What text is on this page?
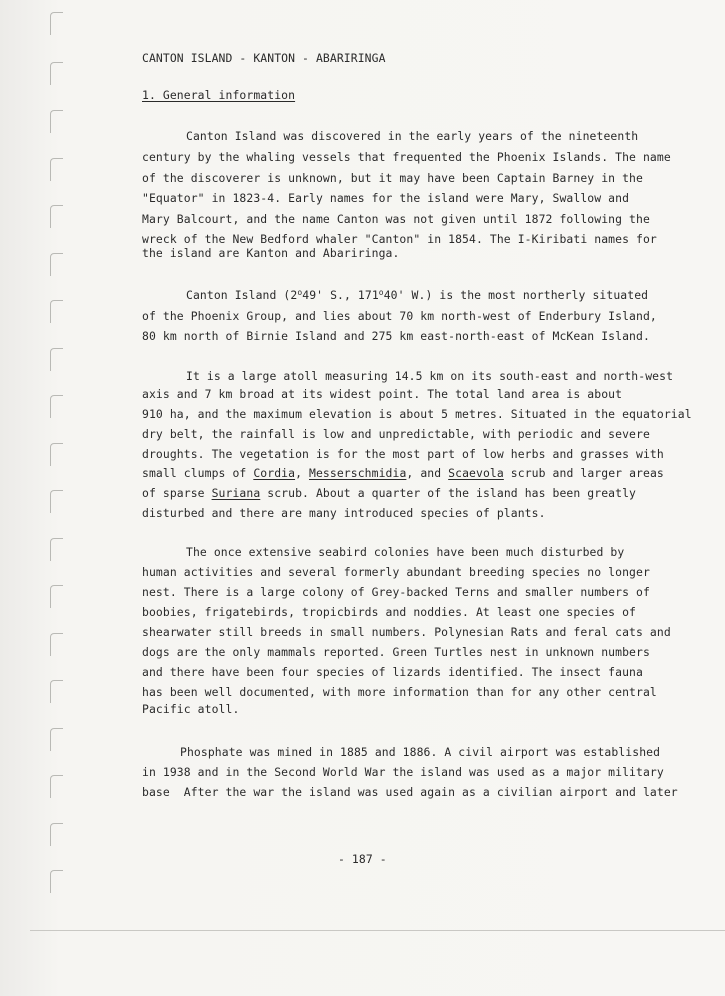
CANTON ISLAND - KANTON - ABARIRINGA
1. General information
Canton Island was discovered in the early years of the nineteenth
century by the whaling vessels that frequented the Phoenix Islands. The name
of the discoverer is unknown, but it may have been Captain Barney in the
"Equator" in 1823-4. Early names for the island were Mary, Swallow and
Mary Balcourt, and the name Canton was not given until 1872 following the
wreck of the New Bedford whaler "Canton" in 1854. The I-Kiribati names for
the island are Kanton and Abariringa.
Canton Island (2$^o$49' S., 171$^o$40' W.) is the most northerly situated
of the Phoenix Group, and lies about 70 km north-west of Enderbury Island,
80 km north of Birnie Island and 275 km east-north-east of McKean Island.
It is a large atoll measuring 14.5 km on its south-east and north-west
axis and 7 km broad at its widest point. The total land area is about
910 ha, and the maximum elevation is about 5 metres. Situated in the equatorial
dry belt, the rainfall is low and unpredictable, with periodic and severe
droughts. The vegetation is for the most part of low herbs and grasses with
small clumps of Cordia, Messerschmidia, and Scaevola scrub and larger areas
of sparse Suriana scrub. About a quarter of the island has been greatly
disturbed and there are many introduced species of plants.
The once extensive seabird colonies have been much disturbed by
human activities and several formerly abundant breeding species no longer
nest. There is a large colony of Grey-backed Terns and smaller numbers of
boobies, frigatebirds, tropicbirds and noddies. At least one species of
shearwater still breeds in small numbers. Polynesian Rats and feral cats and
dogs are the only mammals reported. Green Turtles nest in unknown numbers
and there have been four species of lizards identified. The insect fauna
has been well documented, with more information than for any other central
Pacific atoll.
Phosphate was mined in 1885 and 1886. A civil airport was established
in 1938 and in the Second World War the island was used as a major military
base  After the war the island was used again as a civilian airport and later
- 187 -
